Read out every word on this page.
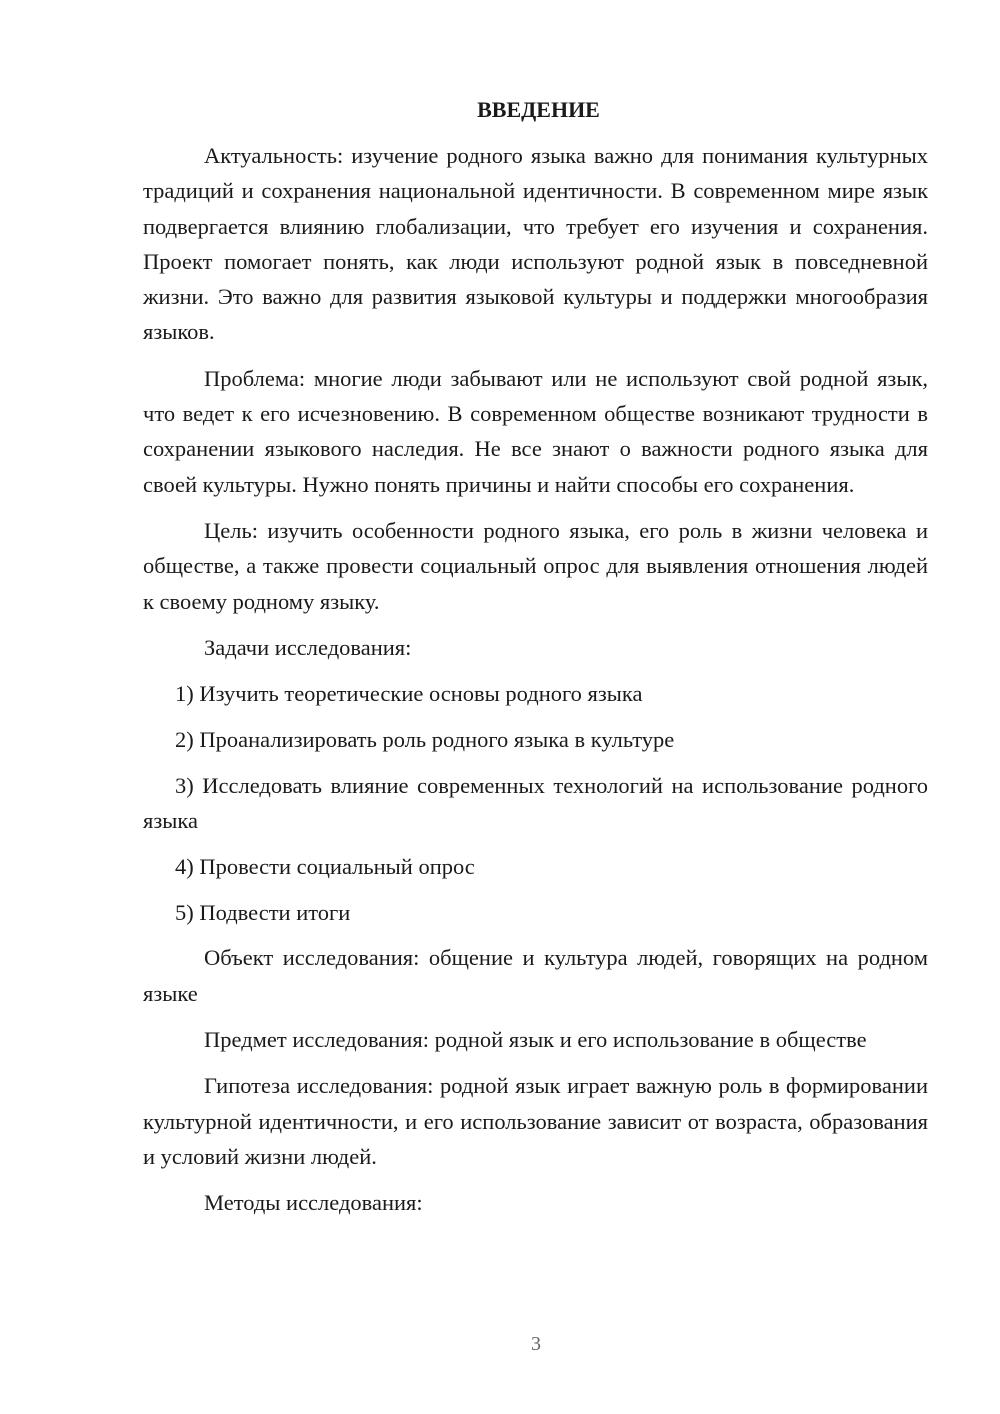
ВВЕДЕНИЕ

Актуальность: изучение родного языка важно для понимания культурных традиций и сохранения национальной идентичности. В современном мире язык подвергается влиянию глобализации, что требует его изучения и сохранения. Проект помогает понять, как люди используют родной язык в повседневной жизни. Это важно для развития языковой культуры и поддержки многообразия языков.

Проблема: многие люди забывают или не используют свой родной язык, что ведет к его исчезновению. В современном обществе возникают трудности в сохранении языкового наследия. Не все знают о важности родного языка для своей культуры. Нужно понять причины и найти способы его сохранения.

Цель: изучить особенности родного языка, его роль в жизни человека и обществе, а также провести социальный опрос для выявления отношения людей к своему родному языку.

Задачи исследования:

1) Изучить теоретические основы родного языка

2) Проанализировать роль родного языка в культуре

3) Исследовать влияние современных технологий на использование родного языка

4) Провести социальный опрос

5) Подвести итоги

Объект исследования: общение и культура людей, говорящих на родном языке

Предмет исследования: родной язык и его использование в обществе

Гипотеза исследования: родной язык играет важную роль в формировании культурной идентичности, и его использование зависит от возраста, образования и условий жизни людей.

Методы исследования:

3
